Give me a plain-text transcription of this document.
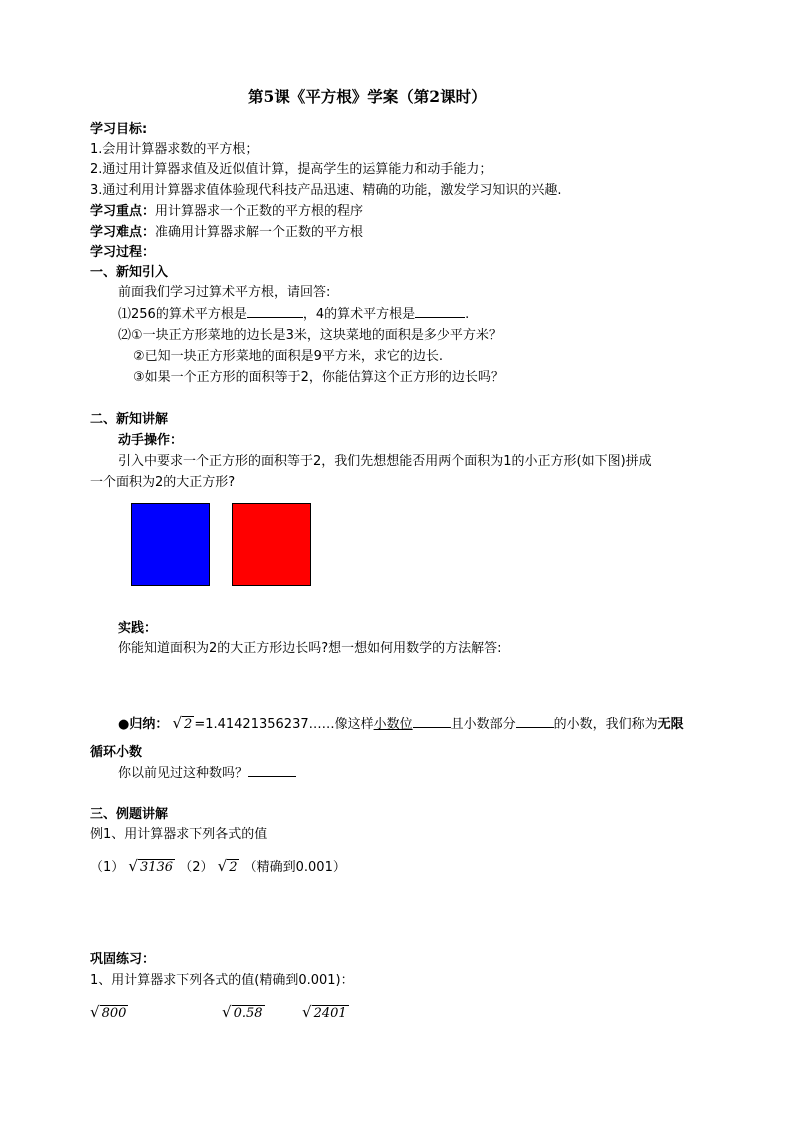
第5课《平方根》学案（第2课时）
学习目标:
1.会用计算器求数的平方根；
2.通过用计算器求值及近似值计算，提高学生的运算能力和动手能力；
3.通过利用计算器求值体验现代科技产品迅速、精确的功能，激发学习知识的兴趣.
学习重点：用计算器求一个正数的平方根的程序
学习难点：准确用计算器求解一个正数的平方根
学习过程：
一、新知引入
前面我们学习过算术平方根，请回答:
⑴256的算术平方根是	，4的算术平方根是	.
⑵①一块正方形菜地的边长是3米，这块菜地的面积是多少平方米？
②已知一块正方形菜地的面积是9平方米，求它的边长.
③如果一个正方形的面积等于2，你能估算这个正方形的边长吗？
二、新知讲解
动手操作：
引入中要求一个正方形的面积等于2，我们先想想能否用两个面积为1的小正方形(如下图)拼成
一个面积为2的大正方形?
实践：
你能知道面积为2的大正方形边长吗?想一想如何用数学的方法解答:
●归纳： √ 2 =1.41421356237……像这样小数位	且小数部分	的小数，我们称为无限
循环小数
你以前见过这种数吗？
三、例题讲解
例1、用计算器求下列各式的值
（1） √ 3136 （2） √ 2 （精确到0.001）
巩固练习：
1、用计算器求下列各式的值(精确到0.001)：
√ 800	√ 0.58	√ 2401
